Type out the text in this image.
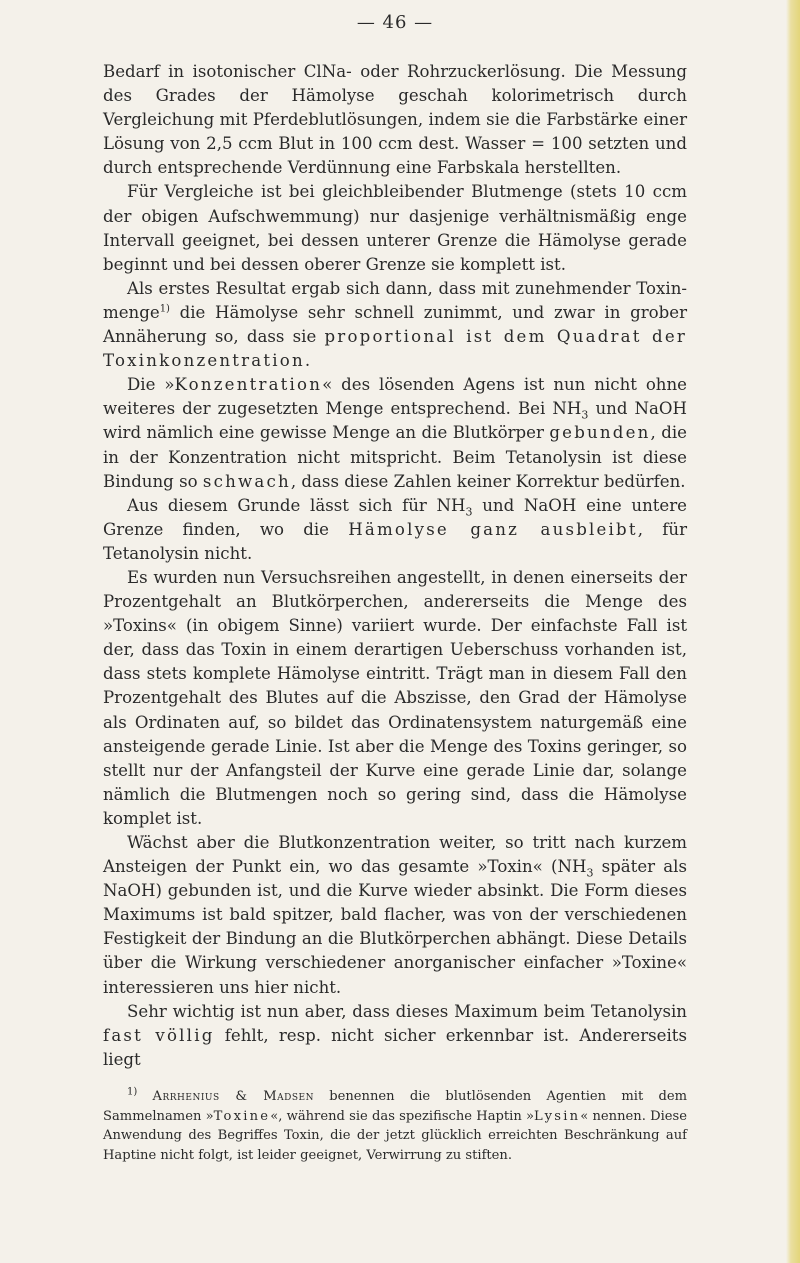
— 46 —

Bedarf in isotonischer ClNa- oder Rohrzuckerlösung. Die Messung des Grades der Hämolyse geschah kolorimetrisch durch Vergleichung mit Pferdeblutlösungen, indem sie die Farbstärke einer Lösung von 2,5 ccm Blut in 100 ccm dest. Wasser = 100 setzten und durch entsprechende Verdünnung eine Farbskala herstellten.

Für Vergleiche ist bei gleichbleibender Blutmenge (stets 10 ccm der obigen Aufschwemmung) nur dasjenige verhältnismäßig enge Intervall geeignet, bei dessen unterer Grenze die Hämolyse gerade beginnt und bei dessen oberer Grenze sie komplett ist.

Als erstes Resultat ergab sich dann, dass mit zunehmender Toxin-menge$^{1)}$ die Hämolyse sehr schnell zunimmt, und zwar in grober Annäherung so, dass sie proportional ist dem Quadrat der Toxinkonzentration.

Die »Konzentration« des lösenden Agens ist nun nicht ohne weiteres der zugesetzten Menge entsprechend. Bei $NH_3$ und NaOH wird nämlich eine gewisse Menge an die Blutkörper gebunden, die in der Konzentration nicht mitspricht. Beim Tetanolysin ist diese Bindung so schwach, dass diese Zahlen keiner Korrektur bedürfen.

Aus diesem Grunde lässt sich für $NH_3$ und NaOH eine untere Grenze finden, wo die Hämolyse ganz ausbleibt, für Tetanolysin nicht.

Es wurden nun Versuchsreihen angestellt, in denen einerseits der Prozentgehalt an Blutkörperchen, andererseits die Menge des »Toxins« (in obigem Sinne) variiert wurde. Der einfachste Fall ist der, dass das Toxin in einem derartigen Ueberschuss vorhanden ist, dass stets komplete Hämolyse eintritt. Trägt man in diesem Fall den Prozentgehalt des Blutes auf die Abszisse, den Grad der Hämolyse als Ordinaten auf, so bildet das Ordinatensystem naturgemäß eine ansteigende gerade Linie. Ist aber die Menge des Toxins geringer, so stellt nur der Anfangsteil der Kurve eine gerade Linie dar, solange nämlich die Blutmengen noch so gering sind, dass die Hämolyse komplet ist.

Wächst aber die Blutkonzentration weiter, so tritt nach kurzem Ansteigen der Punkt ein, wo das gesamte »Toxin« ($NH_3$ später als NaOH) gebunden ist, und die Kurve wieder absinkt. Die Form dieses Maximums ist bald spitzer, bald flacher, was von der verschiedenen Festigkeit der Bindung an die Blutkörperchen abhängt. Diese Details über die Wirkung verschiedener anorganischer einfacher »Toxine« interessieren uns hier nicht.

Sehr wichtig ist nun aber, dass dieses Maximum beim Tetanolysin fast völlig fehlt, resp. nicht sicher erkennbar ist. Andererseits liegt

$^{1)}$ Arrhenius & Madsen benennen die blutlösenden Agentien mit dem Sammelnamen »Toxine«, während sie das spezifische Haptin »Lysin« nennen. Diese Anwendung des Begriffes Toxin, die der jetzt glücklich erreichten Beschränkung auf Haptine nicht folgt, ist leider geeignet, Verwirrung zu stiften.
